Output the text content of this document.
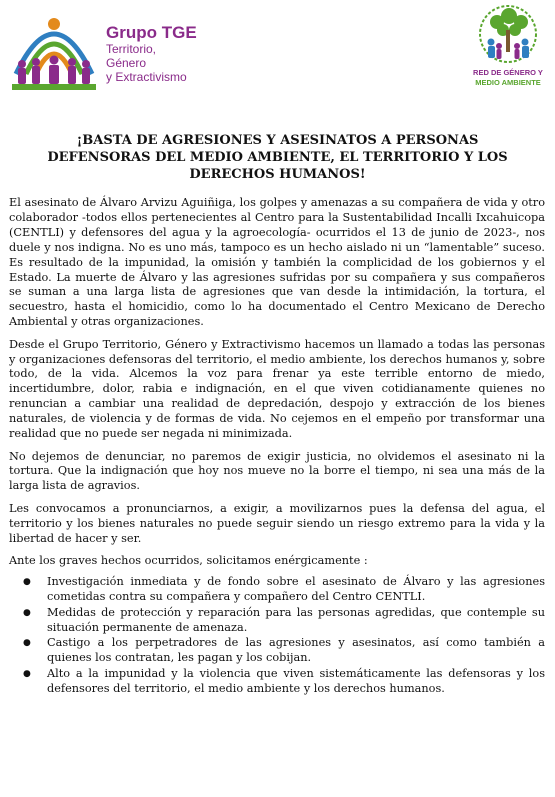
Grupo TGE
Territorio, Género
y Extractivismo	RED DE GÉNERO Y
MEDIO AMBIENTE
¡BASTA DE AGRESIONES Y ASESINATOS A PERSONAS DEFENSORAS DEL MEDIO AMBIENTE, EL TERRITORIO Y LOS DERECHOS HUMANOS!

El asesinato de Álvaro Arvizu Aguiñiga, los golpes y amenazas a su compañera de vida y otro colaborador -todos ellos pertenecientes al Centro para la Sustentabilidad Incalli Ixcahuicopa (CENTLI) y defensores del agua y la agroecología- ocurridos el 13 de junio de 2023-, nos duele y nos indigna. No es uno más, tampoco es un hecho aislado ni un “lamentable” suceso. Es resultado de la impunidad, la omisión y también la complicidad de los gobiernos y el Estado. La muerte de Álvaro y las agresiones sufridas por su compañera y sus compañeros se suman a una larga lista de agresiones que van desde la intimidación, la tortura, el secuestro, hasta el homicidio, como lo ha documentado el Centro Mexicano de Derecho Ambiental y otras organizaciones.

Desde el Grupo Territorio, Género y Extractivismo hacemos un llamado a todas las personas y organizaciones defensoras del territorio, el medio ambiente, los derechos humanos y, sobre todo, de la vida. Alcemos la voz para frenar ya este terrible entorno de miedo, incertidumbre, dolor, rabia e indignación, en el que viven cotidianamente quienes no renuncian a cambiar una realidad de depredación, despojo y extracción de los bienes naturales, de violencia y de formas de vida. No cejemos en el empeño por transformar una realidad que no puede ser negada ni minimizada.

No dejemos de denunciar, no paremos de exigir justicia, no olvidemos el asesinato ni la tortura. Que la indignación que hoy nos mueve no la borre el tiempo, ni sea una más de la larga lista de agravios.

Les convocamos a pronunciarnos, a exigir, a movilizarnos pues la defensa del agua, el territorio y los bienes naturales no puede seguir siendo un riesgo extremo para la vida y la libertad de hacer y ser.

Ante los graves hechos ocurridos, solicitamos enérgicamente :

● Investigación inmediata y de fondo sobre el asesinato de Álvaro y las agresiones cometidas contra su compañera y compañero del Centro CENTLI.
● Medidas de protección y reparación para las personas agredidas, que contemple su situación permanente de amenaza.
● Castigo a los perpetradores de las agresiones y asesinatos, así como también a quienes los contratan, les pagan y los cobijan.
● Alto a la impunidad y la violencia que viven sistemáticamente las defensoras y los defensores del territorio, el medio ambiente y los derechos humanos.
